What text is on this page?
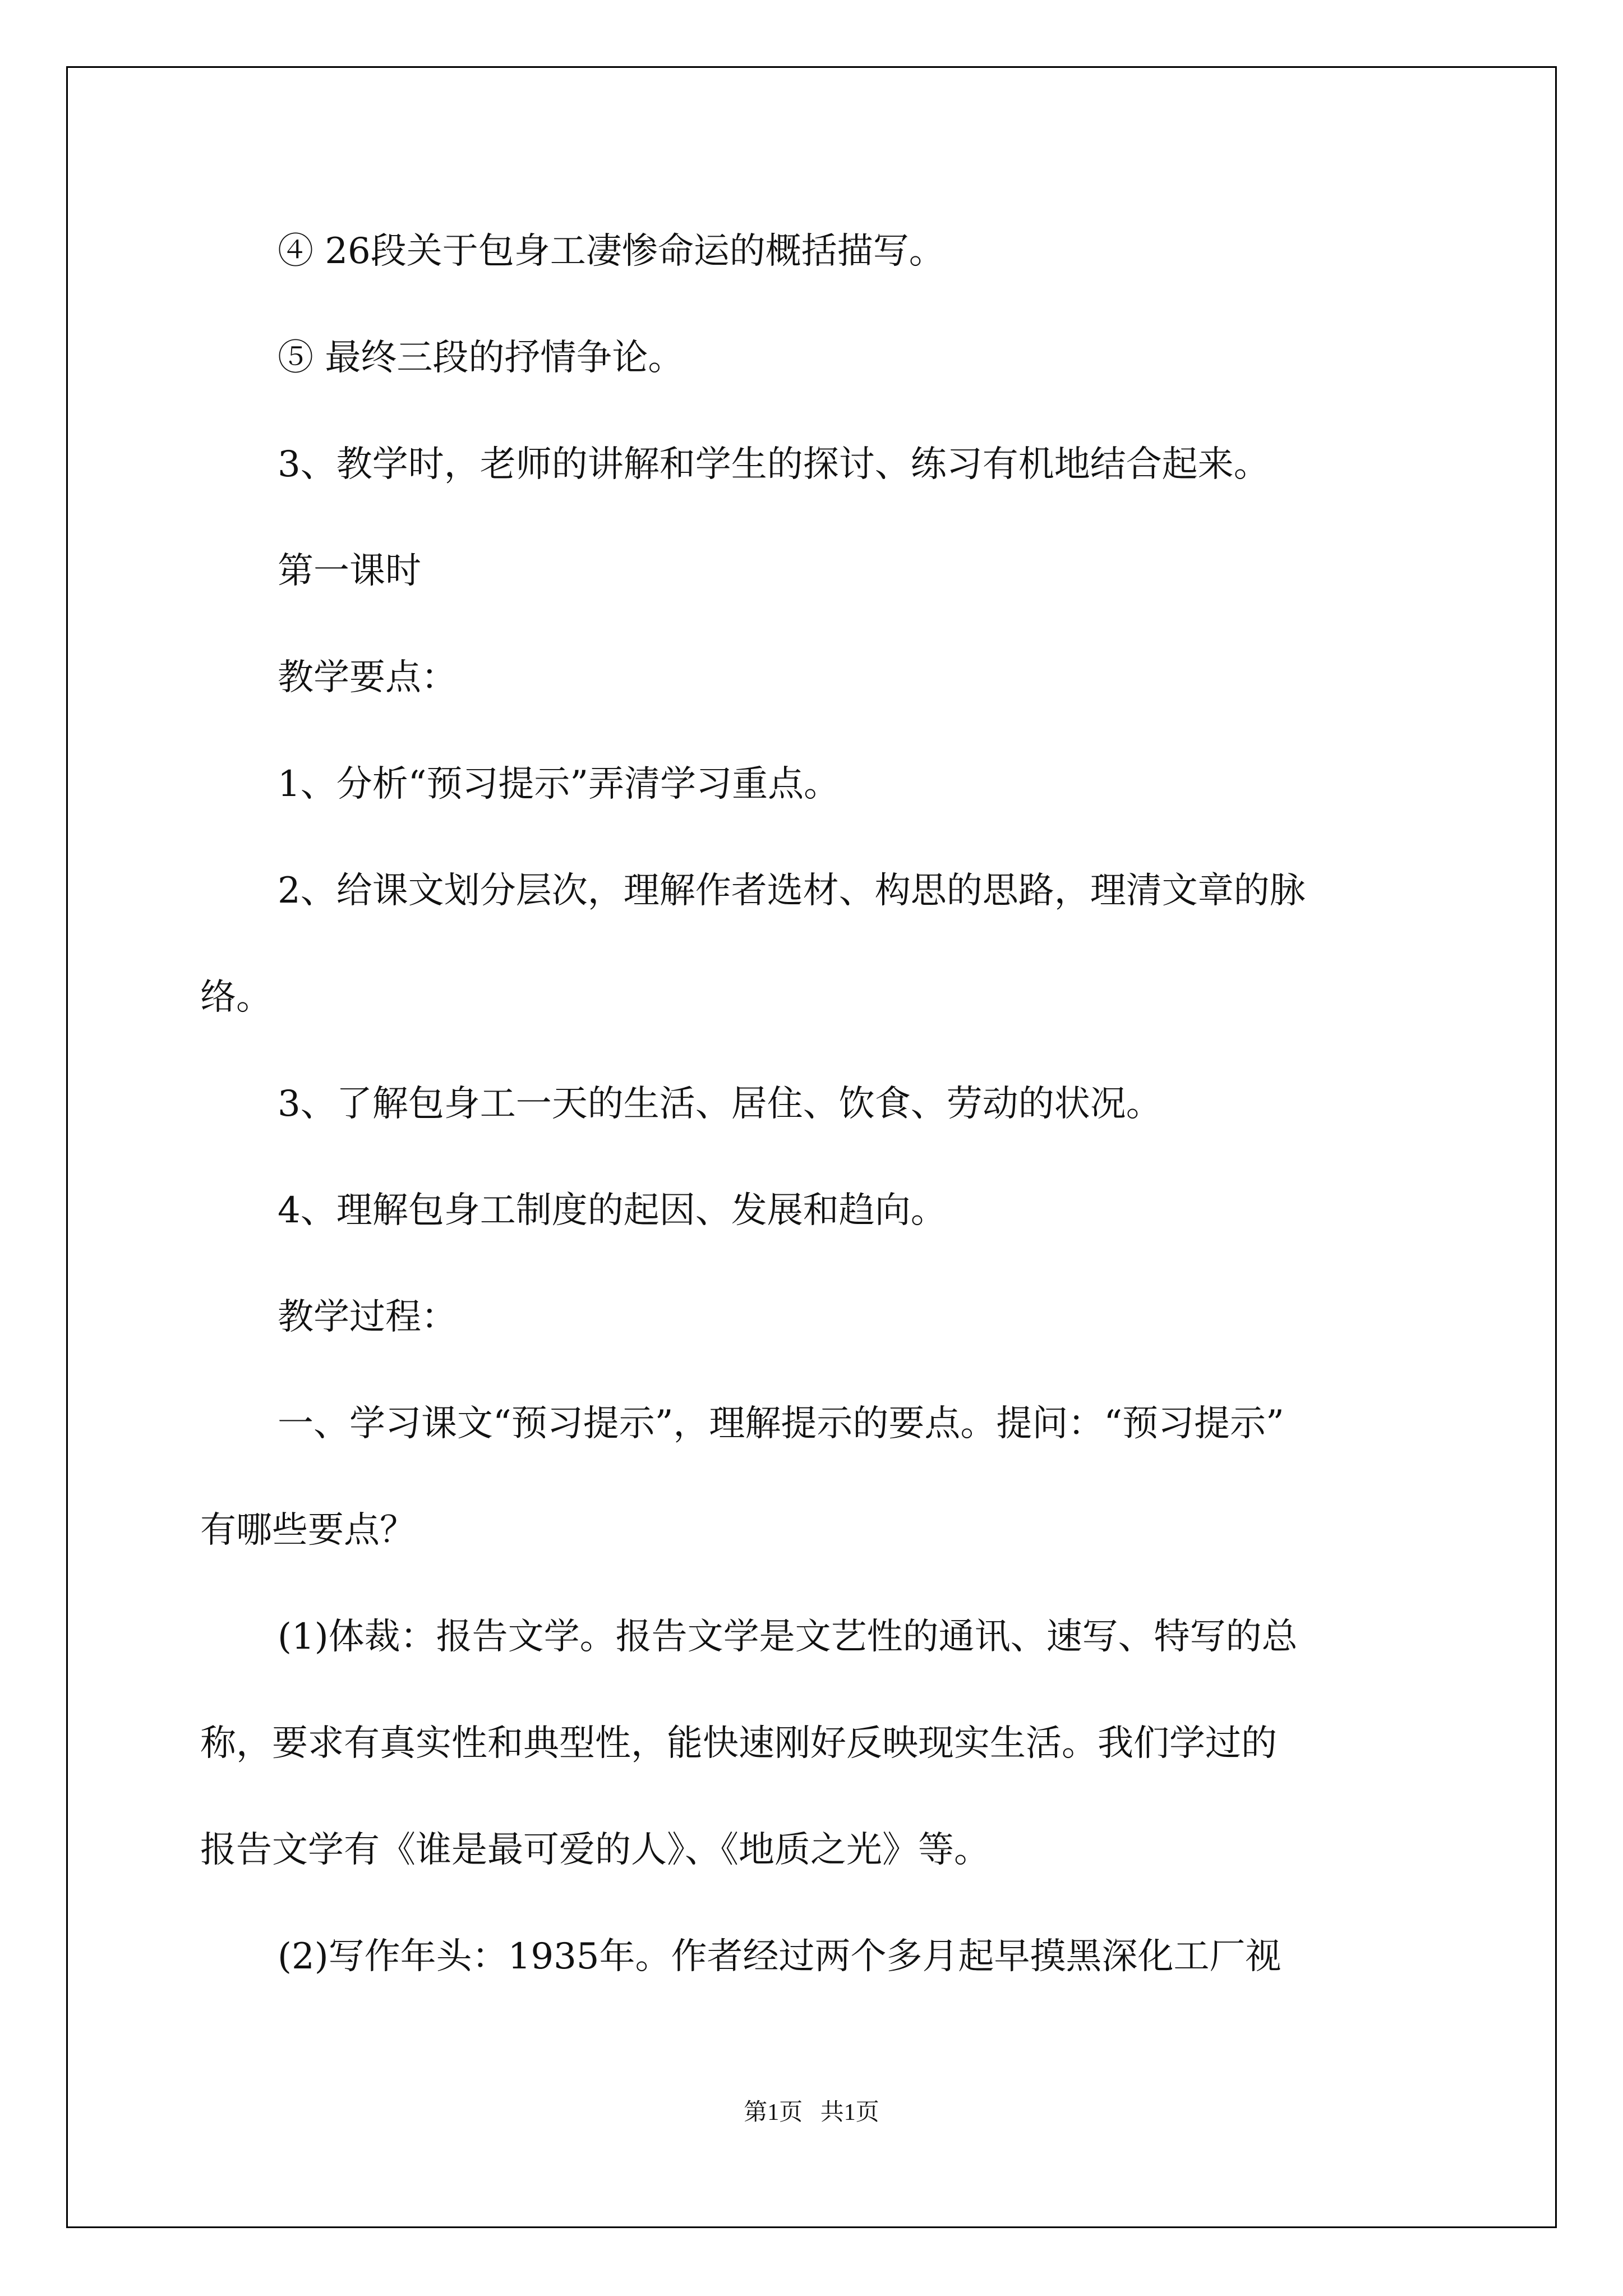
④ 26段关于包身工凄惨命运的概括描写。

⑤ 最终三段的抒情争论。

3、教学时，老师的讲解和学生的探讨、练习有机地结合起来。

第一课时

教学要点：

1、分析“预习提示”弄清学习重点。

2、给课文划分层次，理解作者选材、构思的思路，理清文章的脉

络。

3、了解包身工一天的生活、居住、饮食、劳动的状况。

4、理解包身工制度的起因、发展和趋向。

教学过程：

一、学习课文“预习提示”，理解提示的要点。提问：“预习提示”

有哪些要点？

(1)体裁：报告文学。报告文学是文艺性的通讯、速写、特写的总

称，要求有真实性和典型性，能快速刚好反映现实生活。我们学过的

报告文学有《谁是最可爱的人》、《地质之光》等。

(2)写作年头：1935年。作者经过两个多月起早摸黑深化工厂视

第1页   共1页
